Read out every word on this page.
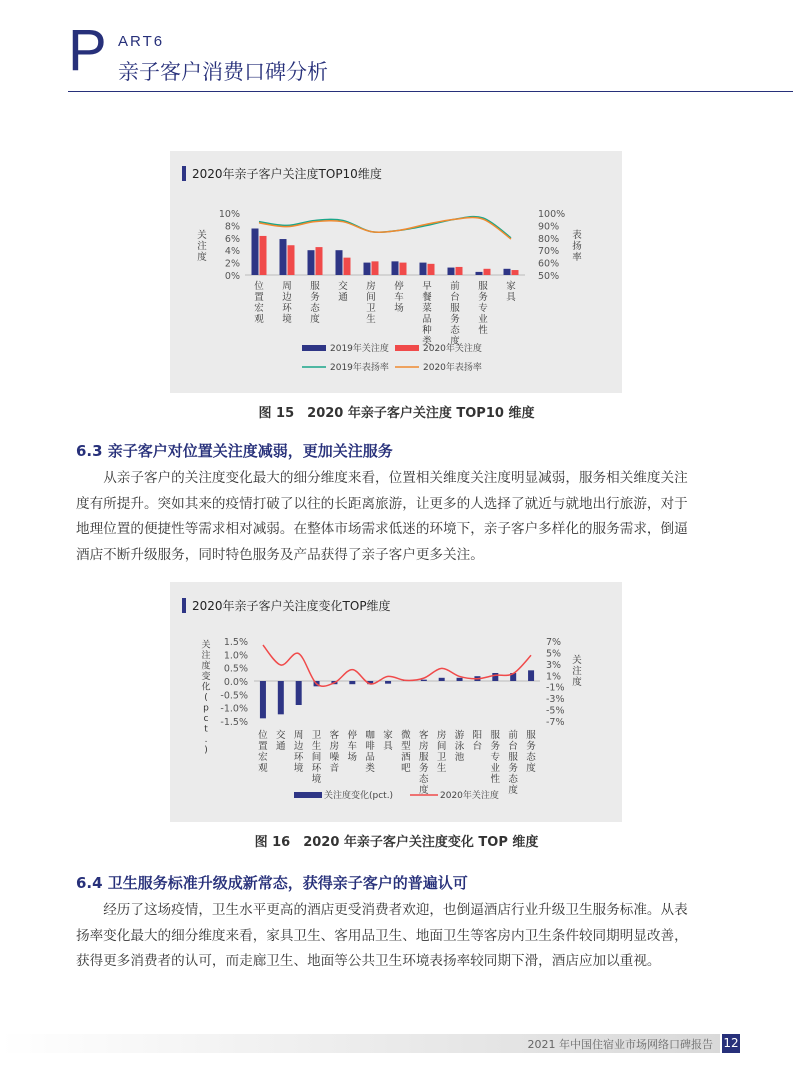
P ART6
亲子客户消费口碑分析
2020年亲子客户关注度TOP10维度
10%
8%
6%
4%
2%
0%
100%
90%
80%
70%
60%
50%
关注度
表扬率
位置宏观
周边环境
服务态度
交通
房间卫生
停车场
早餐菜品种类
前台服务态度
服务专业性
家具
2019年关注度	2020年关注度
2019年表扬率	2020年表扬率
图 15　2020 年亲子客户关注度 TOP10 维度
6.3 亲子客户对位置关注度减弱，更加关注服务
从亲子客户的关注度变化最大的细分维度来看，位置相关维度关注度明显减弱，服务相关维度关注
度有所提升。突如其来的疫情打破了以往的长距离旅游，让更多的人选择了就近与就地出行旅游，对于
地理位置的便捷性等需求相对减弱。在整体市场需求低迷的环境下，亲子客户多样化的服务需求，倒逼
酒店不断升级服务，同时特色服务及产品获得了亲子客户更多关注。
2020年亲子客户关注度变化TOP维度
1.5%
1.0%
0.5%
0.0%
-0.5%
-1.0%
-1.5%
7%
5%
3%
1%
-1%
-3%
-5%
-7%
关注度变化( p c t . )
关注度
位置宏观
交通
周边环境
卫生间环境
客房噪音
停车场
咖啡品类
家具
微型酒吧
客房服务态度
房间卫生
游泳池
阳台
服务专业性
前台服务态度
服务态度
关注度变化(pct.)	2020年关注度
图 16　2020 年亲子客户关注度变化 TOP 维度
6.4 卫生服务标准升级成新常态，获得亲子客户的普遍认可
经历了这场疫情，卫生水平更高的酒店更受消费者欢迎，也倒逼酒店行业升级卫生服务标准。从表
扬率变化最大的细分维度来看，家具卫生、客用品卫生、地面卫生等客房内卫生条件较同期明显改善，
获得更多消费者的认可，而走廊卫生、地面等公共卫生环境表扬率较同期下滑，酒店应加以重视。
2021 年中国住宿业市场网络口碑报告 12
